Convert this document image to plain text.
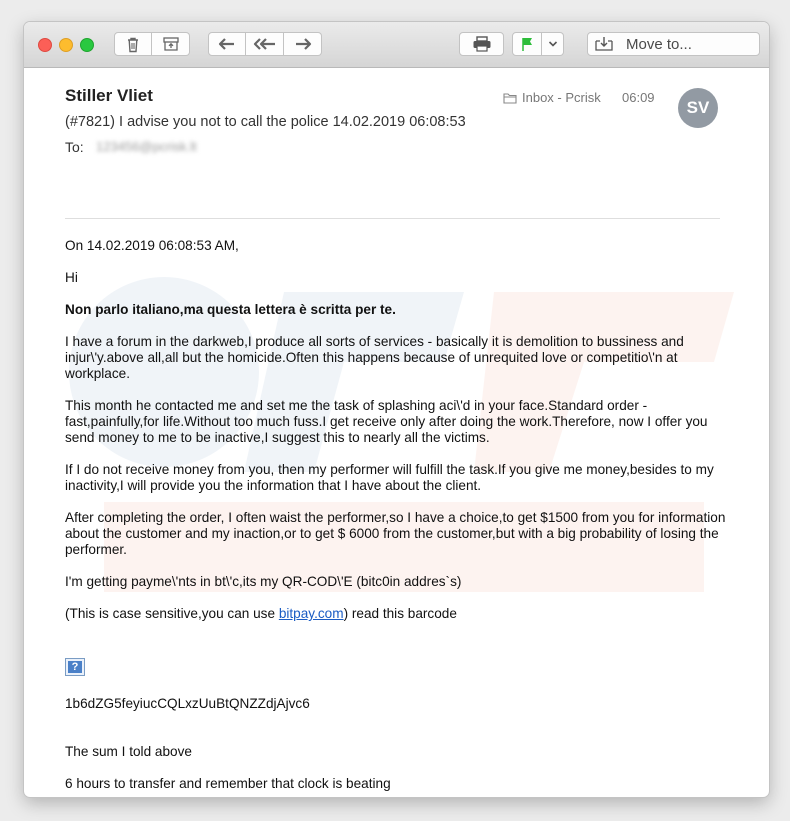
Move to...
Stiller Vliet
(#7821) I advise you not to call the police 14.02.2019 06:08:53
To: 123456@pcrisk.lt
Inbox - Pcrisk 06:09
SV

On 14.02.2019 06:08:53 AM,

Hi

Non parlo italiano,ma questa lettera è scritta per te.

I have a forum in the darkweb,I produce all sorts of services - basically it is demolition to bussiness and injur\'y.above all,all but the homicide.Often this happens because of unrequited love or competitio\'n at workplace.

This month he contacted me and set me the task of splashing aci\'d in your face.Standard order - fast,painfully,for life.Without too much fuss.I get receive only after doing the work.Therefore, now I offer you send money to me to be inactive,I suggest this to nearly all the victims.

If I do not receive money from you, then my performer will fulfill the task.If you give me money,besides to my inactivity,I will provide you the information that I have about the client.

After completing the order, I often waist the performer,so I have a choice,to get $1500 from you for information about the customer and my inaction,or to get $ 6000 from the customer,but with a big probability of losing the performer.

I'm getting payme\'nts in bt\'c,its my QR-COD\'E (bitc0in addres`s)

(This is case sensitive,you can use bitpay.com) read this barcode

?

1b6dZG5feyiucCQLxzUuBtQNZZdjAjvc6

The sum I told above

6 hours to transfer and remember that clock is beating
